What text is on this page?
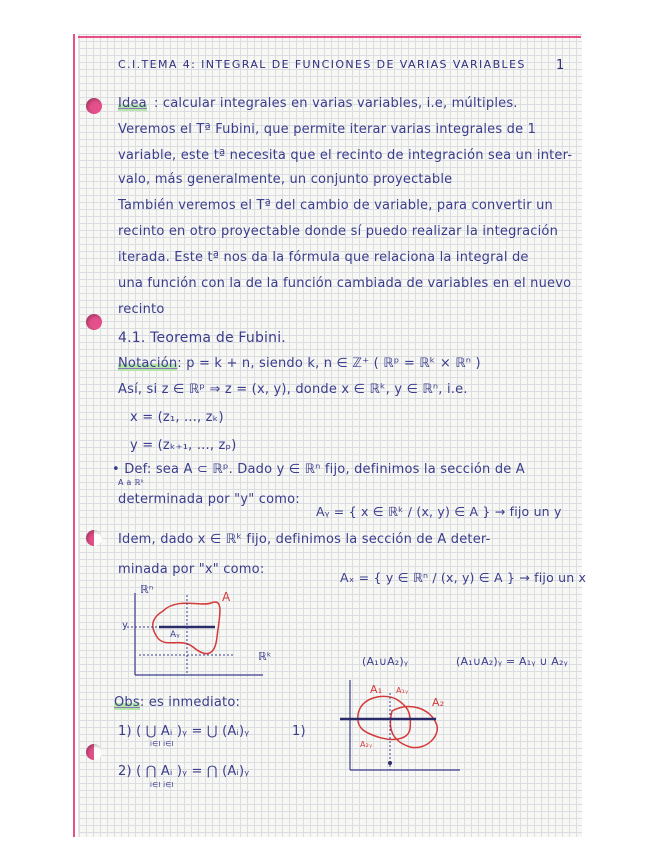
C.I.TEMA 4: INTEGRAL DE FUNCIONES DE VARIAS VARIABLES 1
Idea : calcular integrales en varias variables, i.e, múltiples.
Veremos el Tª Fubini, que permite iterar varias integrales de 1
variable, este tª necesita que el recinto de integración sea un inter-
valo, más generalmente, un conjunto proyectable
También veremos el Tª del cambio de variable, para convertir un
recinto en otro proyectable donde sí puedo realizar la integración
iterada. Este tª nos da la fórmula que relaciona la integral de
una función con la de la función cambiada de variables en el nuevo
recinto
4.1. Teorema de Fubini.
Notación: p = k + n, siendo k, n ∈ ℤ⁺ ( ℝᵖ = ℝᵏ × ℝⁿ )
Así, si z ∈ ℝᵖ ⇒ z = (x, y), donde x ∈ ℝᵏ, y ∈ ℝⁿ, i.e.
x = (z₁, ..., zₖ)
y = (zₖ₊₁, ..., zₚ)
• Def: sea A ⊂ ℝᵖ. Dado y ∈ ℝⁿ fijo, definimos la sección de A
A a ℝᵏ
determinada por "y" como:
Aᵧ = { x ∈ ℝᵏ / (x, y) ∈ A } → fijo un y
Idem, dado x ∈ ℝᵏ fijo, definimos la sección de A deter-
minada por "x" como:
Aₓ = { y ∈ ℝⁿ / (x, y) ∈ A } → fijo un x
ℝⁿ
ℝᵏ
A
y
Aᵧ
(A₁∪A₂)ᵧ	(A₁∪A₂)ᵧ = A₁ᵧ ∪ A₂ᵧ
A₁
A₂
A₁ᵧ
A₂ᵧ
Obs: es inmediato:
1) ( ⋃ Aᵢ )ᵧ = ⋃ (Aᵢ)ᵧ
i∈I i∈I
1)
2) ( ⋂ Aᵢ )ᵧ = ⋂ (Aᵢ)ᵧ
i∈I i∈I
